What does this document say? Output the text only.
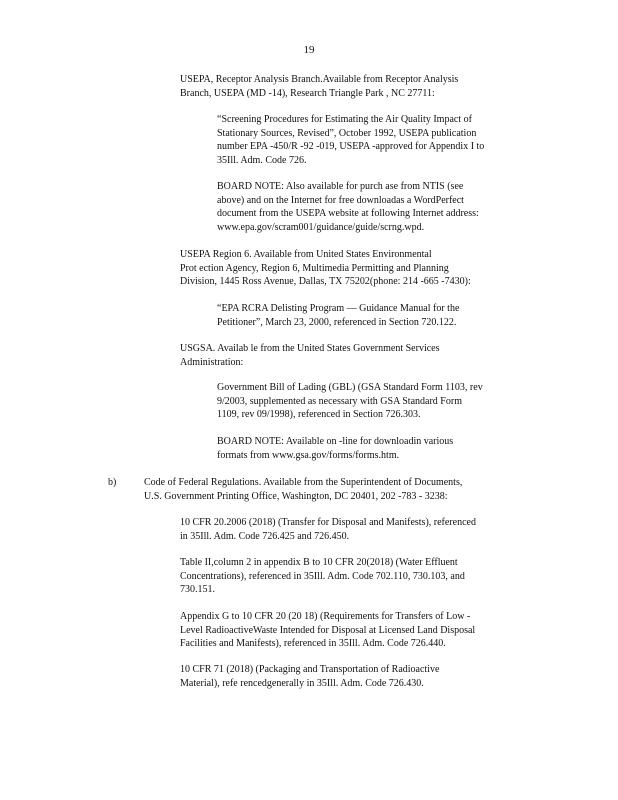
19
USEPA, Receptor Analysis Branch.Available from Receptor Analysis
Branch, USEPA (MD -14), Research Triangle Park , NC 27711:
“Screening Procedures for Estimating the Air Quality Impact of
Stationary Sources, Revised”, October 1992, USEPA publication
number EPA -450/R -92 -019, USEPA -approved for Appendix I to
35Ill. Adm. Code 726.
BOARD NOTE: Also available for purch ase from NTIS (see
above) and on the Internet for free downloadas a WordPerfect
document from the USEPA website at following Internet address:
www.epa.gov/scram001/guidance/guide/scrng.wpd.
USEPA Region 6. Available from United States Environmental
Prot ection Agency, Region 6, Multimedia Permitting and Planning
Division, 1445 Ross Avenue, Dallas, TX 75202(phone: 214 -665 -7430):
“EPA RCRA Delisting Program — Guidance Manual for the
Petitioner”, March 23, 2000, referenced in Section 720.122.
USGSA. Availab le from the United States Government Services
Administration:
Government Bill of Lading (GBL) (GSA Standard Form 1103, rev
9/2003, supplemented as necessary with GSA Standard Form
1109, rev 09/1998), referenced in Section 726.303.
BOARD NOTE: Available on -line for downloadin various
formats from www.gsa.gov/forms/forms.htm.
b)	Code of Federal Regulations. Available from the Superintendent of Documents,
U.S. Government Printing Office, Washington, DC 20401, 202 -783 - 3238:
10 CFR 20.2006 (2018) (Transfer for Disposal and Manifests), referenced
in 35Ill. Adm. Code 726.425 and 726.450.
Table II,column 2 in appendix B to 10 CFR 20(2018) (Water Effluent
Concentrations), referenced in 35Ill. Adm. Code 702.110, 730.103, and
730.151.
Appendix G to 10 CFR 20 (20 18) (Requirements for Transfers of Low -
Level RadioactiveWaste Intended for Disposal at Licensed Land Disposal
Facilities and Manifests), referenced in 35Ill. Adm. Code 726.440.
10 CFR 71 (2018) (Packaging and Transportation of Radioactive
Material), refe rencedgenerally in 35Ill. Adm. Code 726.430.
